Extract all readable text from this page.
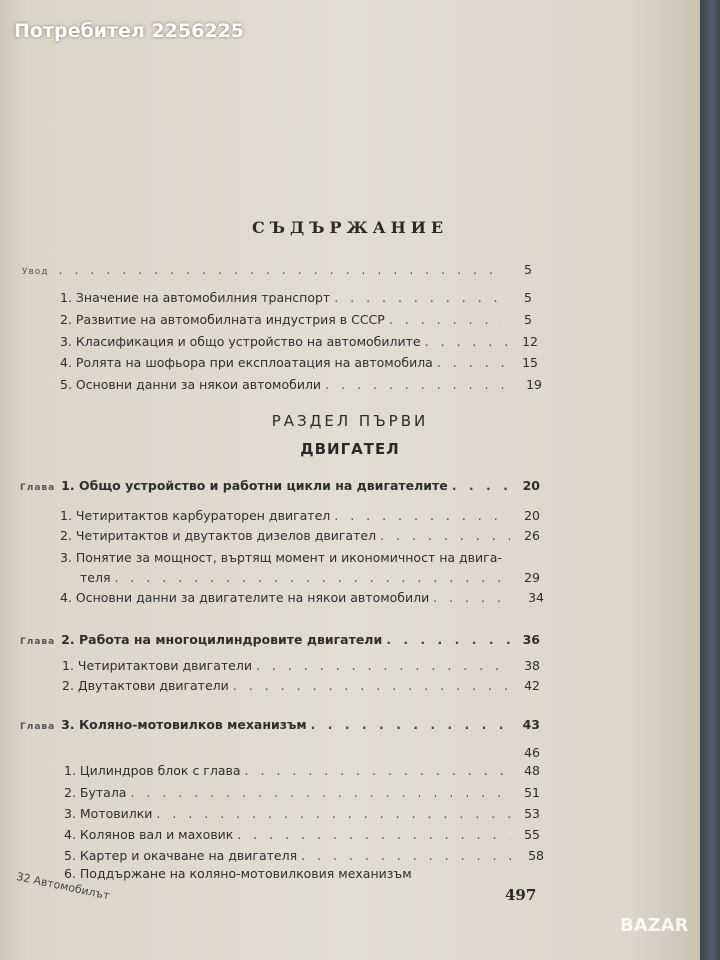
СЪДЪРЖАНИЕ
Увод . . .	5
1. Значение на автомобилния транспорт . . .	5
2. Развитие на автомобилната индустрия в СССР . . .	5
3. Класификация и общо устройство на автомобилите . . .	12
4. Ролята на шофьора при експлоатация на автомобила . . .	15
5. Основни данни за някои автомобили . . .	19
РАЗДЕЛ ПЪРВИ
ДВИГАТЕЛ
Глава 1. Общо устройство и работни цикли на двигателите . . .	20
1. Четиритактов карбураторен двигател . . .	20
2. Четиритактов и двутактов дизелов двигател . . .	26
3. Понятие за мощност, въртящ момент и икономичност на двига-
теля . . .	29
4. Основни данни за двигателите на някои автомобили . . .	34
Глава 2. Работа на многоцилиндровите двигатели . . .	36
1. Четиритактови двигатели . . .	38
2. Двутактови двигатели . . .	42
Глава 3. Коляно-мотовилков механизъм . . .	43
46
1. Цилиндров блок с глава . . .	48
2. Бутала . . .	51
3. Мотовилки . . .	53
4. Колянов вал и маховик . . .	55
5. Картер и окачване на двигателя . . .	58
6. Поддържане на коляно-мотовилковия механизъм
32 Автомобилът	497
Потребител 2256225
BAZAR
